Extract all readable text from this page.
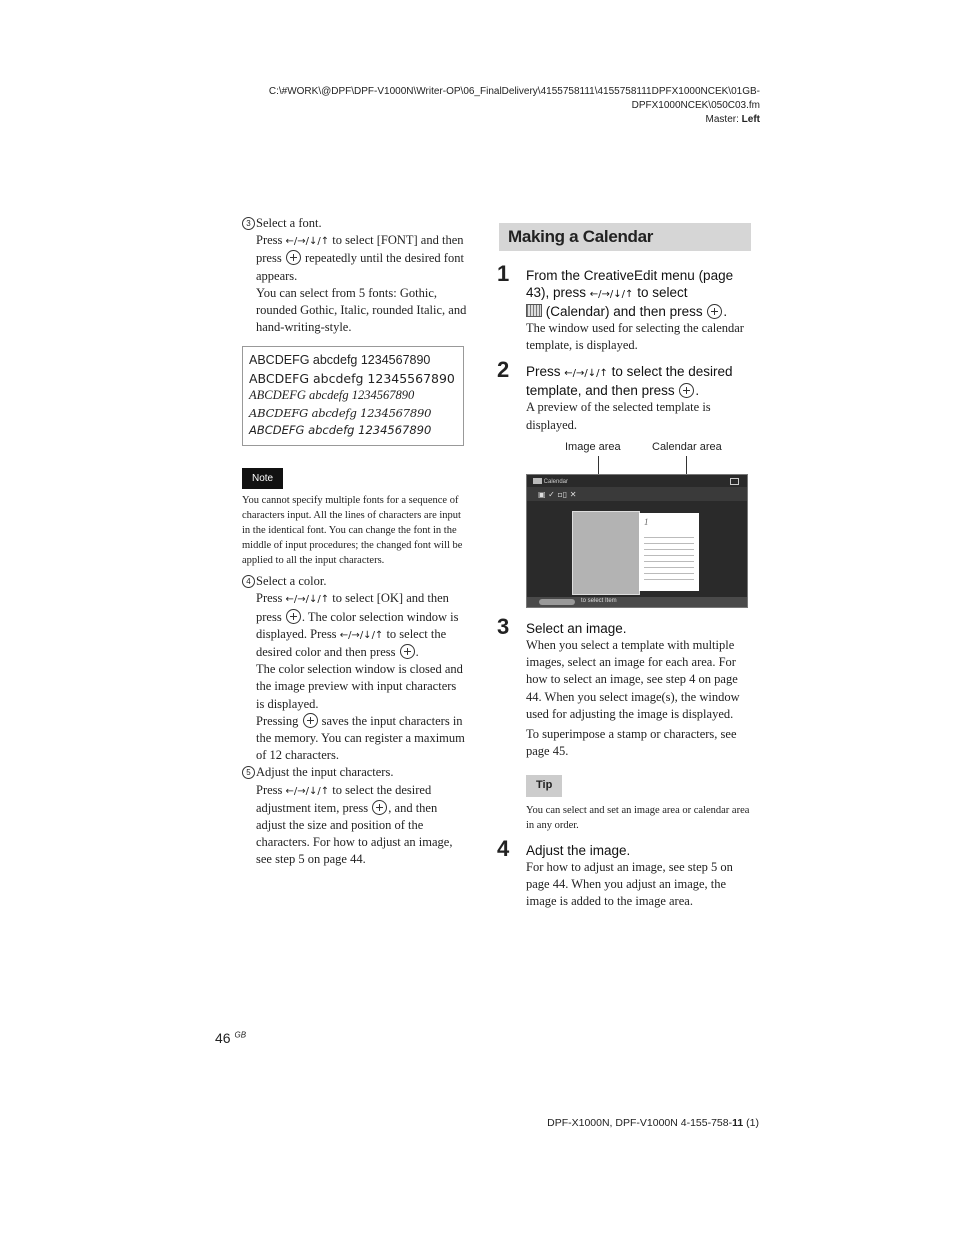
C:\#WORK\@DPF\DPF-V1000N\Writer-OP\06_FinalDelivery\4155758111\4155758111DPFX1000NCEK\01GB-
DPFX1000NCEK\050C03.fm
Master: Left
3 Select a font.
Press ←/→/↓/↑ to select [FONT] and then press repeatedly until the desired font appears.
You can select from 5 fonts: Gothic, rounded Gothic, Italic, rounded Italic, and hand-writing-style.
ABCDEFG abcdefg 1234567890
ABCDEFG abcdefg 12345567890
ABCDEFG abcdefg 1234567890
ABCDEFG abcdefg 1234567890
ABCDEFG abcdefg 1234567890
Note
You cannot specify multiple fonts for a sequence of characters input. All the lines of characters are input in the identical font. You can change the font in the middle of input procedures; the changed font will be applied to all the input characters.
4 Select a color.
Press ←/→/↓/↑ to select [OK] and then press . The color selection window is displayed. Press ←/→/↓/↑ to select the desired color and then press .
The color selection window is closed and the image preview with input characters is displayed.
Pressing saves the input characters in the memory. You can register a maximum of 12 characters.
5 Adjust the input characters.
Press ←/→/↓/↑ to select the desired adjustment item, press , and then adjust the size and position of the characters. For how to adjust an image, see step 5 on page 44.
Making a Calendar
1 From the CreativeEdit menu (page 43), press ←/→/↓/↑ to select
(Calendar) and then press .
The window used for selecting the calendar template, is displayed.
2 Press ←/→/↓/↑ to select the desired template, and then press .
A preview of the selected template is displayed.
Image area	Calendar area
Calendar
▣ ✓ ▫▯ ✕
1
to select Item
3 Select an image.
When you select a template with multiple images, select an image for each area. For how to select an image, see step 4 on page 44. When you select image(s), the window used for adjusting the image is displayed.
To superimpose a stamp or characters, see page 45.
Tip
You can select and set an image area or calendar area in any order.
4 Adjust the image.
For how to adjust an image, see step 5 on page 44. When you adjust an image, the image is added to the image area.
46 $^{GB}$
DPF-X1000N, DPF-V1000N 4-155-758-11 (1)
